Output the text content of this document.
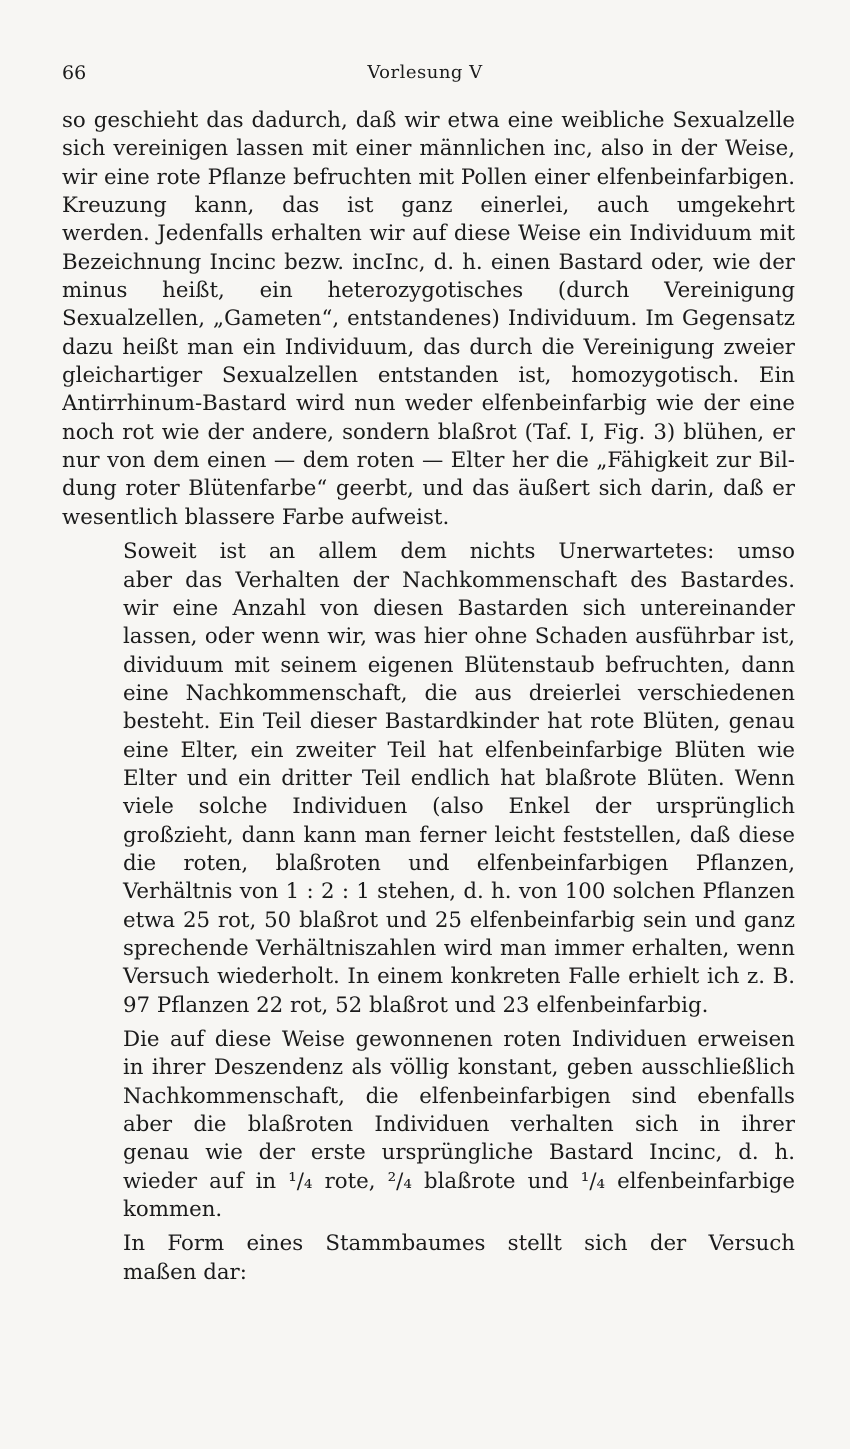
66	Vorlesung V
so geschieht das dadurch, daß wir etwa eine weibliche Sexualzelle
sich vereinigen lassen mit einer männlichen inc, also in der Weise,
wir eine rote Pflanze befruchten mit Pollen einer elfenbeinfarbigen.
Kreuzung kann, das ist ganz einerlei, auch umgekehrt
werden. Jedenfalls erhalten wir auf diese Weise ein Individuum mit
Bezeichnung Incinc bezw. incInc, d. h. einen Bastard oder, wie der
minus heißt, ein heterozygotisches (durch Vereinigung
Sexualzellen, „Gameten“, entstandenes) Individuum. Im Gegensatz
dazu heißt man ein Individuum, das durch die Vereinigung zweier
gleichartiger Sexualzellen entstanden ist, homozygotisch. Ein
Antirrhinum-Bastard wird nun weder elfenbeinfarbig wie der eine
noch rot wie der andere, sondern blaßrot (Taf. I, Fig. 3) blühen, er
nur von dem einen — dem roten — Elter her die „Fähigkeit zur Bil-
dung roter Blütenfarbe“ geerbt, und das äußert sich darin, daß er
wesentlich blassere Farbe aufweist.
Soweit ist an allem dem nichts Unerwartetes: umso
aber das Verhalten der Nachkommenschaft des Bastardes.
wir eine Anzahl von diesen Bastarden sich untereinander
lassen, oder wenn wir, was hier ohne Schaden ausführbar ist,
dividuum mit seinem eigenen Blütenstaub befruchten, dann
eine Nachkommenschaft, die aus dreierlei verschiedenen
besteht. Ein Teil dieser Bastardkinder hat rote Blüten, genau
eine Elter, ein zweiter Teil hat elfenbeinfarbige Blüten wie
Elter und ein dritter Teil endlich hat blaßrote Blüten. Wenn
viele solche Individuen (also Enkel der ursprünglich
großzieht, dann kann man ferner leicht feststellen, daß diese
die roten, blaßroten und elfenbeinfarbigen Pflanzen,
Verhältnis von 1 : 2 : 1 stehen, d. h. von 100 solchen Pflanzen
etwa 25 rot, 50 blaßrot und 25 elfenbeinfarbig sein und ganz
sprechende Verhältniszahlen wird man immer erhalten, wenn
Versuch wiederholt. In einem konkreten Falle erhielt ich z. B.
97 Pflanzen 22 rot, 52 blaßrot und 23 elfenbeinfarbig.
Die auf diese Weise gewonnenen roten Individuen erweisen
in ihrer Deszendenz als völlig konstant, geben ausschließlich
Nachkommenschaft, die elfenbeinfarbigen sind ebenfalls
aber die blaßroten Individuen verhalten sich in ihrer
genau wie der erste ursprüngliche Bastard Incinc, d. h.
wieder auf in ¹/₄ rote, ²/₄ blaßrote und ¹/₄ elfenbeinfarbige
kommen.
In Form eines Stammbaumes stellt sich der Versuch
maßen dar:
